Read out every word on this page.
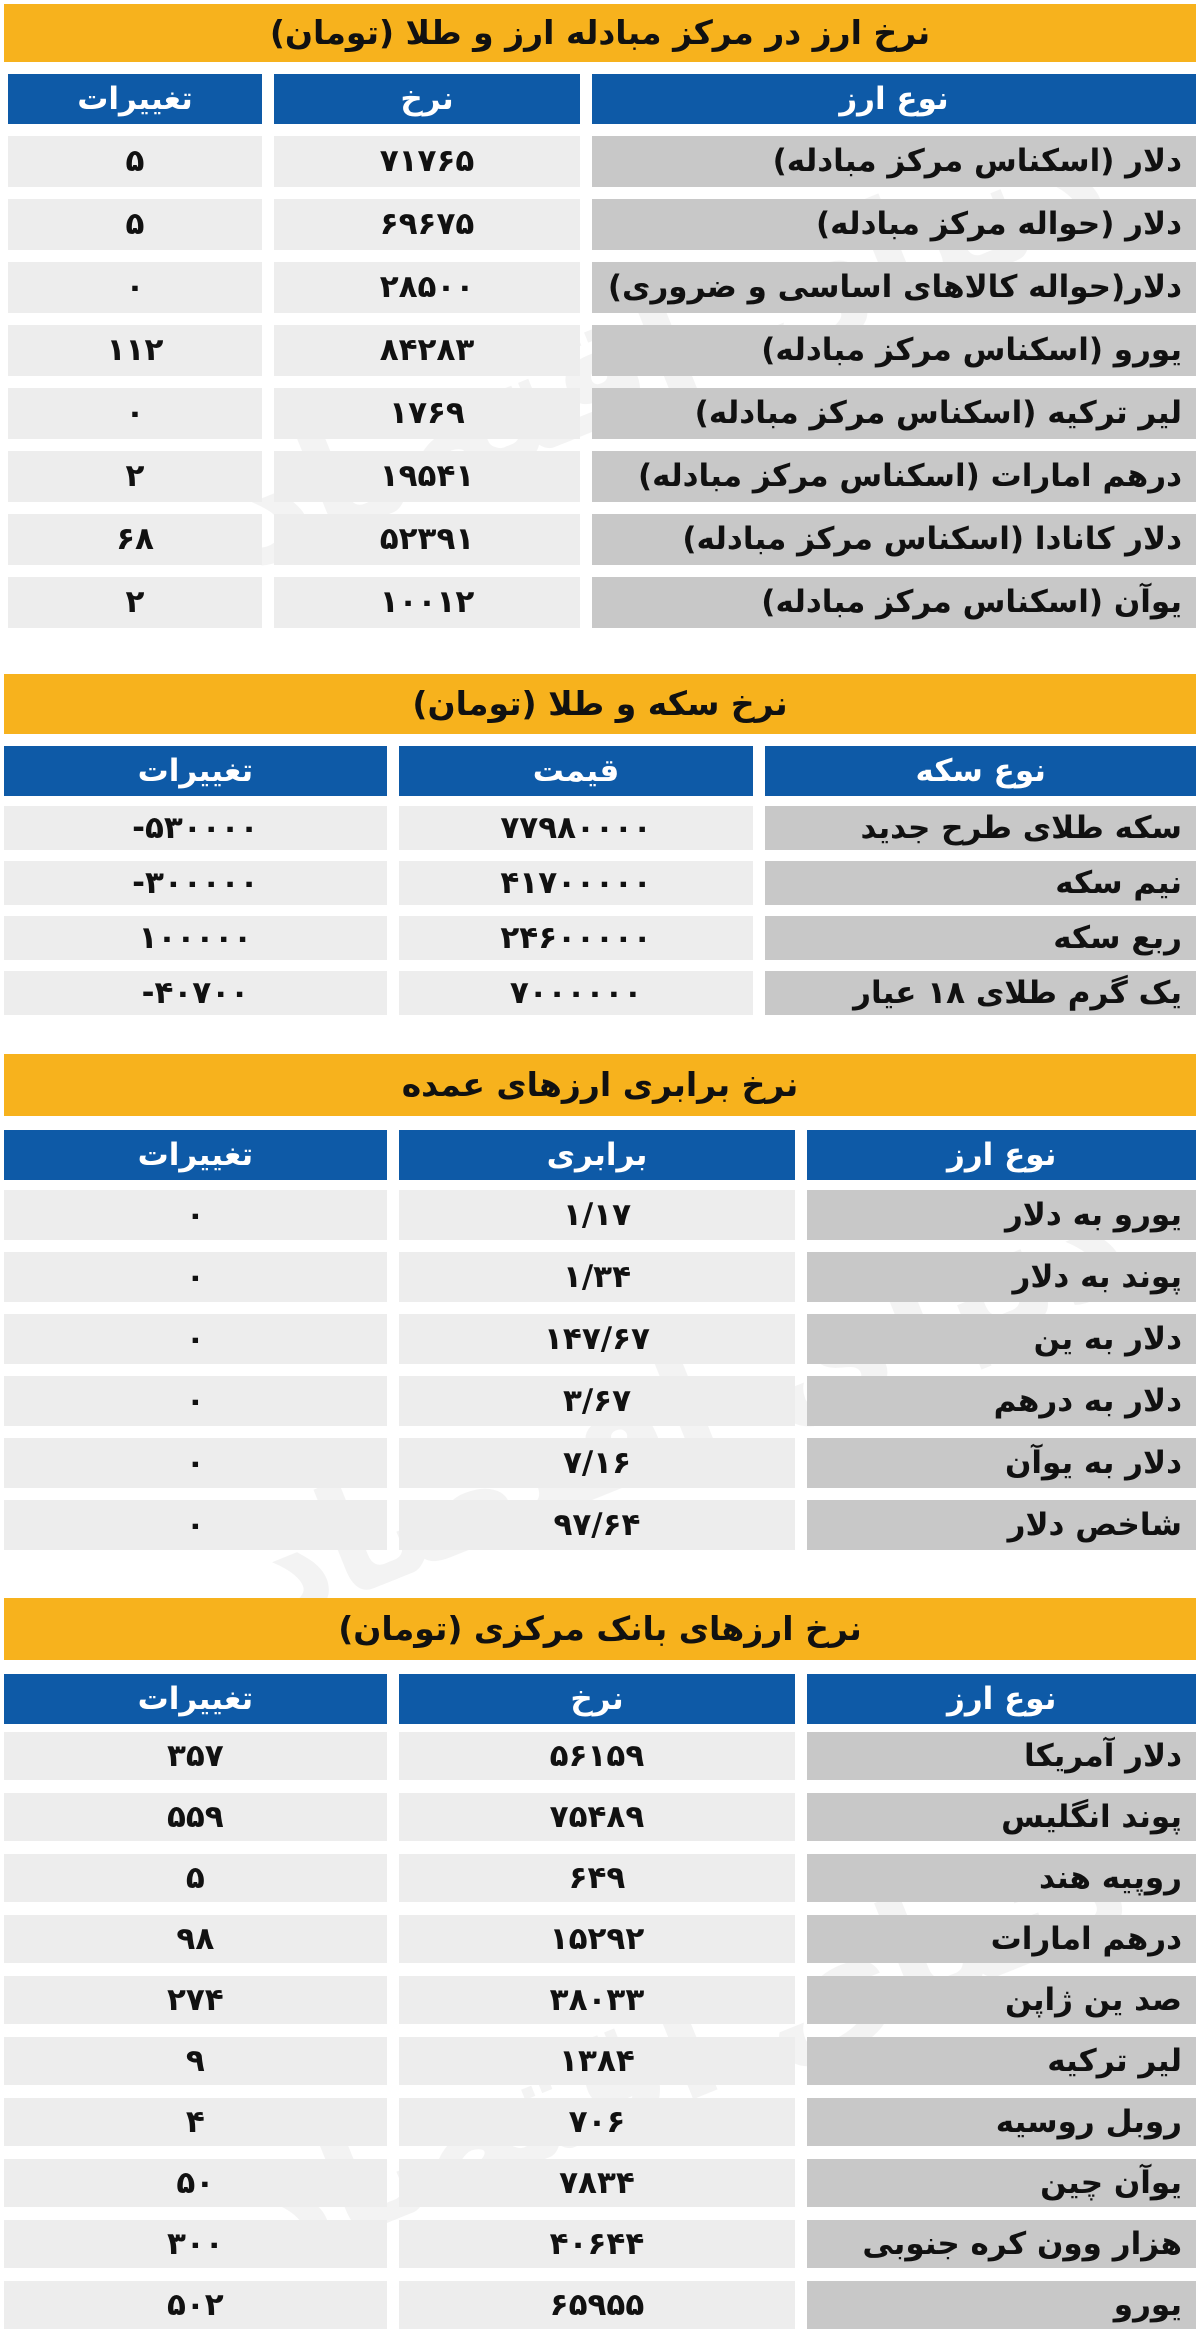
نرخ ارز در مرکز مبادله ارز و طلا (تومان)
نوع ارز
نرخ
تغییرات
دلار (اسکناس مرکز مبادله)
۷۱۷۶۵
۵
دلار (حواله مرکز مبادله)
۶۹۶۷۵
۵
دلار(حواله کالاهای اساسی و ضروری)
۲۸۵۰۰
۰
یورو (اسکناس مرکز مبادله)
۸۴۲۸۳
۱۱۲
لیر ترکیه (اسکناس مرکز مبادله)
۱۷۶۹
۰
درهم امارات (اسکناس مرکز مبادله)
۱۹۵۴۱
۲
دلار کانادا (اسکناس مرکز مبادله)
۵۲۳۹۱
۶۸
یوآن (اسکناس مرکز مبادله)
۱۰۰۱۲
۲
نرخ سکه و طلا (تومان)
نوع سکه
قیمت
تغییرات
سکه طلای طرح جدید
۷۷۹۸۰۰۰۰
-۵۳۰۰۰۰
نیم سکه
۴۱۷۰۰۰۰۰
-۳۰۰۰۰۰
ربع سکه
۲۴۶۰۰۰۰۰
۱۰۰۰۰۰
یک گرم طلای ۱۸ عیار
۷۰۰۰۰۰۰
-۴۰۷۰۰
نرخ برابری ارزهای عمده
نوع ارز
برابری
تغییرات
یورو به دلار
۱/۱۷
۰
پوند به دلار
۱/۳۴
۰
دلار به ین
۱۴۷/۶۷
۰
دلار به درهم
۳/۶۷
۰
دلار به یوآن
۷/۱۶
۰
شاخص دلار
۹۷/۶۴
۰
نرخ ارزهای بانک مرکزی (تومان)
نوع ارز
نرخ
تغییرات
دلار آمریکا
۵۶۱۵۹
۳۵۷
پوند انگلیس
۷۵۴۸۹
۵۵۹
روپیه هند
۶۴۹
۵
درهم امارات
۱۵۲۹۲
۹۸
صد ین ژاپن
۳۸۰۳۳
۲۷۴
لیر ترکیه
۱۳۸۴
۹
روبل روسیه
۷۰۶
۴
یوآن چین
۷۸۳۴
۵۰
هزار وون کره جنوبی
۴۰۶۴۴
۳۰۰
یورو
۶۵۹۵۵
۵۰۲
